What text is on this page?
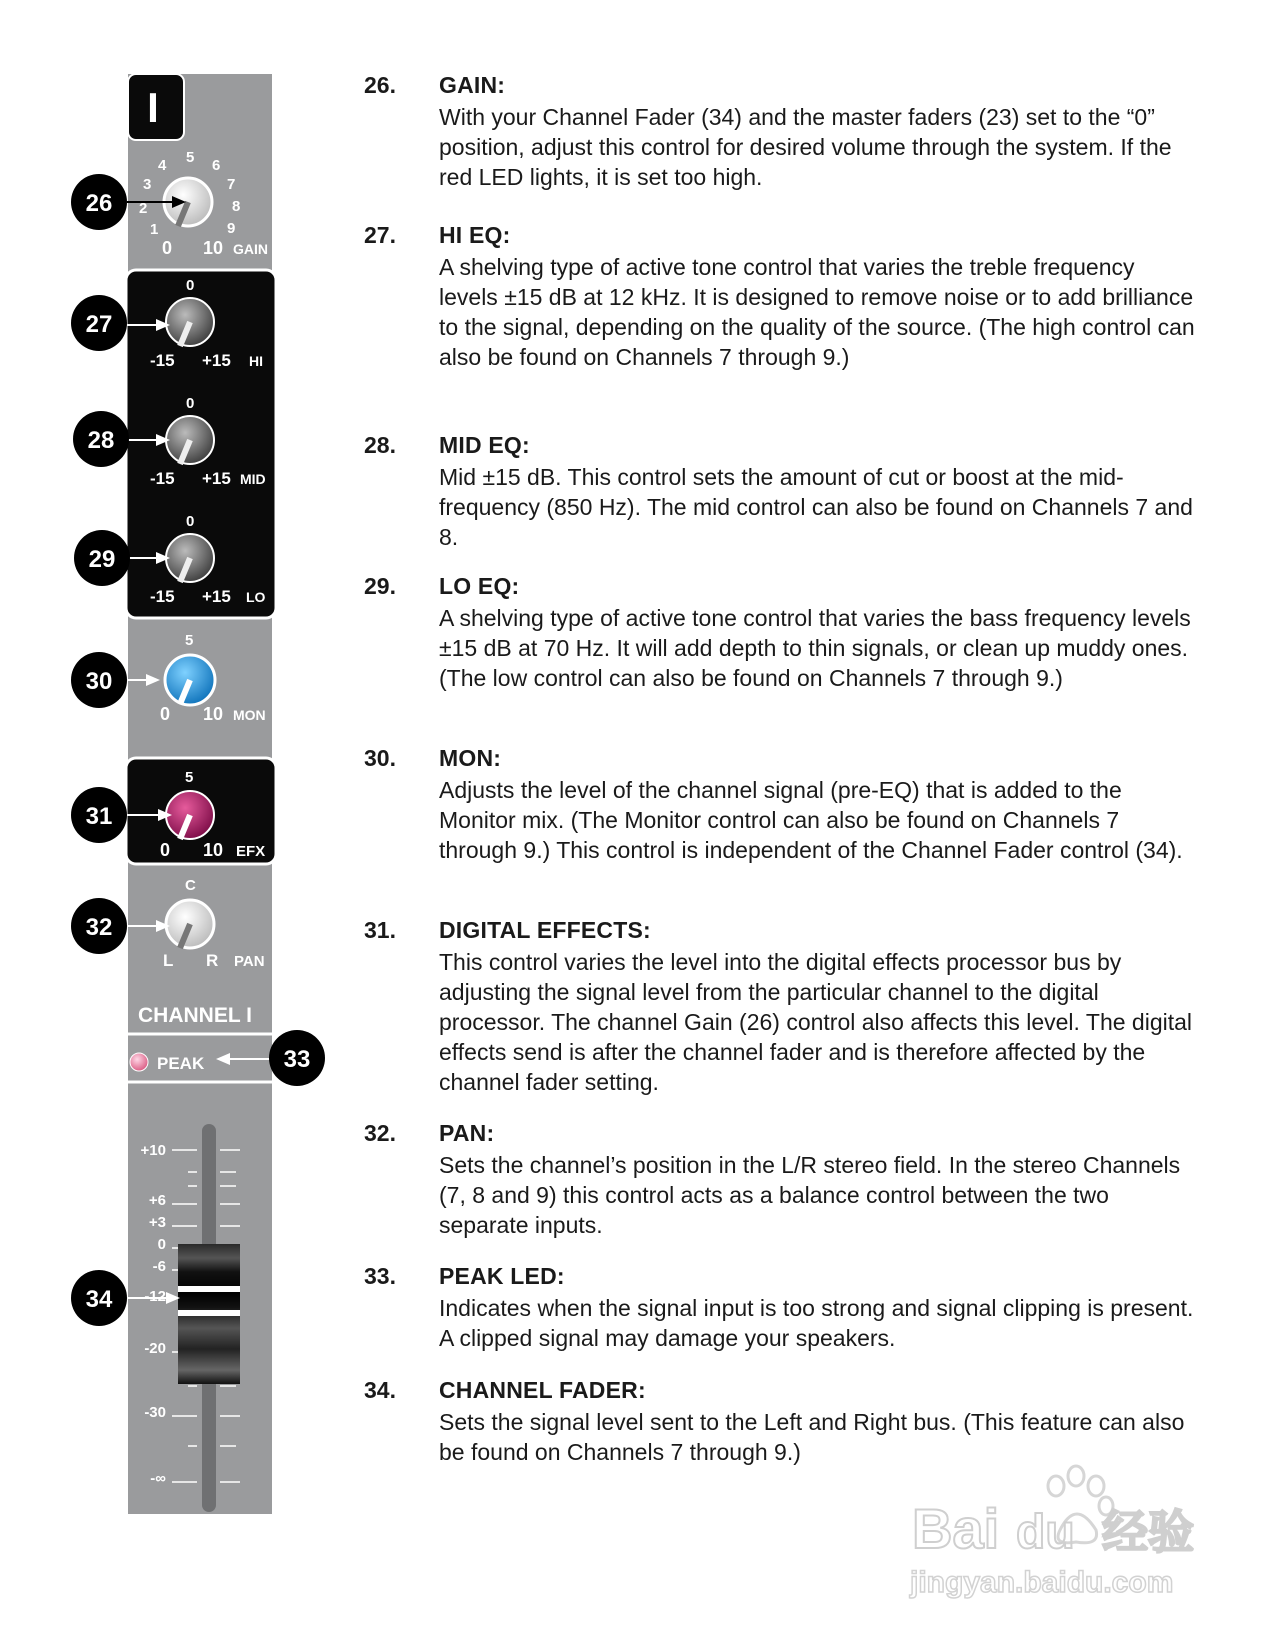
I
1
2
3
4 5 6
7
8
9
0 10 GAIN
0
-15 +15 HI
0
-15 +15 MID
0
-15 +15 LO
5
0 10 MON
5
0 10 EFX
C
L R PAN
CHANNEL I
PEAK
+10
+6
+3
0
-6
-12
-20
-30
-∞
26
27
28
29
30
31
32
33
34
26. GAIN:
With your Channel Fader (34) and the master faders (23) set to the “0” position, adjust this control for desired volume through the system. If the red LED lights, it is set too high.
27. HI EQ:
A shelving type of active tone control that varies the treble frequency levels ±15 dB at 12 kHz. It is designed to remove noise or to add brilliance to the signal, depending on the quality of the source. (The high control can also be found on Channels 7 through 9.)
28. MID EQ:
Mid ±15 dB. This control sets the amount of cut or boost at the mid-frequency (850 Hz). The mid control can also be found on Channels 7 and 8.
29. LO EQ:
A shelving type of active tone control that varies the bass frequency levels ±15 dB at 70 Hz. It will add depth to thin signals, or clean up muddy ones. (The low control can also be found on Channels 7 through 9.)
30. MON:
Adjusts the level of the channel signal (pre-EQ) that is added to the Monitor mix. (The Monitor control can also be found on Channels 7 through 9.) This control is independent of the Channel Fader control (34).
31. DIGITAL EFFECTS:
This control varies the level into the digital effects processor bus by adjusting the signal level from the particular channel to the digital processor. The channel Gain (26) control also affects this level. The digital effects send is after the channel fader and is therefore affected by the channel fader setting.
32. PAN:
Sets the channel’s position in the L/R stereo field. In the stereo Channels (7, 8 and 9) this control acts as a balance control between the two separate inputs.
33. PEAK LED:
Indicates when the signal input is too strong and signal clipping is present. A clipped signal may damage your speakers.
34. CHANNEL FADER:
Sets the signal level sent to the Left and Right bus. (This feature can also be found on Channels 7 through 9.)
Bai du 经验
jingyan.baidu.com
